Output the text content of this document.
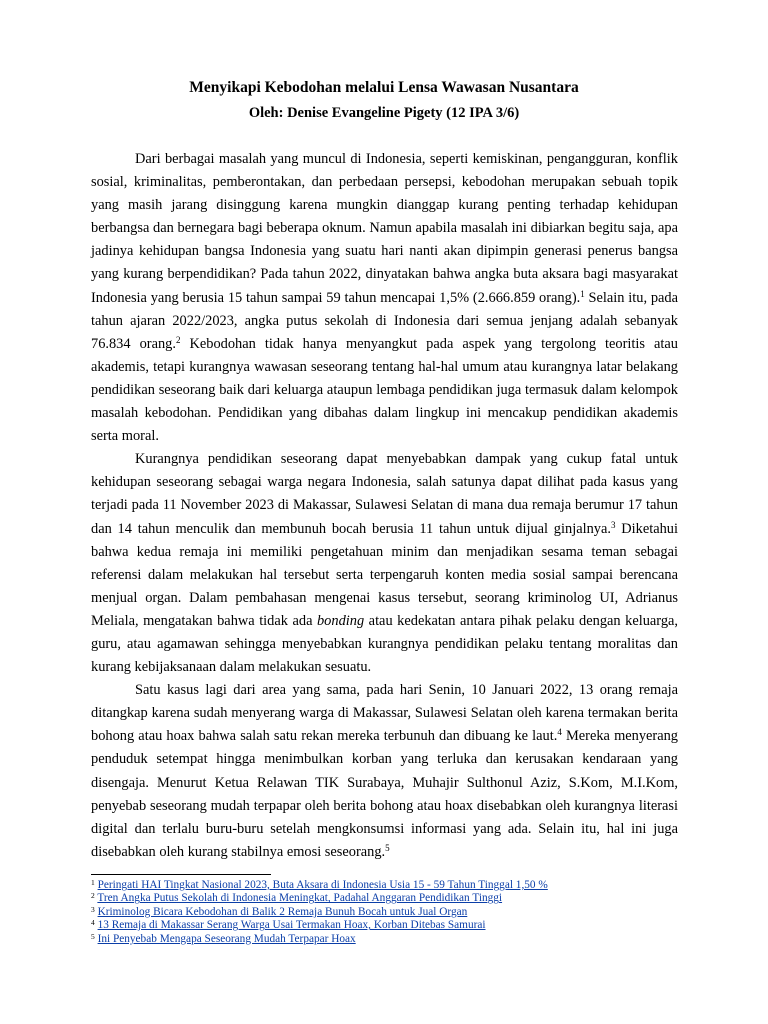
Menyikapi Kebodohan melalui Lensa Wawasan Nusantara
Oleh: Denise Evangeline Pigety (12 IPA 3/6)

Dari berbagai masalah yang muncul di Indonesia, seperti kemiskinan, pengangguran, konflik sosial, kriminalitas, pemberontakan, dan perbedaan persepsi, kebodohan merupakan sebuah topik yang masih jarang disinggung karena mungkin dianggap kurang penting terhadap kehidupan berbangsa dan bernegara bagi beberapa oknum. Namun apabila masalah ini dibiarkan begitu saja, apa jadinya kehidupan bangsa Indonesia yang suatu hari nanti akan dipimpin generasi penerus bangsa yang kurang berpendidikan? Pada tahun 2022, dinyatakan bahwa angka buta aksara bagi masyarakat Indonesia yang berusia 15 tahun sampai 59 tahun mencapai 1,5% (2.666.859 orang).$^1$ Selain itu, pada tahun ajaran 2022/2023, angka putus sekolah di Indonesia dari semua jenjang adalah sebanyak 76.834 orang.$^2$ Kebodohan tidak hanya menyangkut pada aspek yang tergolong teoritis atau akademis, tetapi kurangnya wawasan seseorang tentang hal-hal umum atau kurangnya latar belakang pendidikan seseorang baik dari keluarga ataupun lembaga pendidikan juga termasuk dalam kelompok masalah kebodohan. Pendidikan yang dibahas dalam lingkup ini mencakup pendidikan akademis serta moral.

Kurangnya pendidikan seseorang dapat menyebabkan dampak yang cukup fatal untuk kehidupan seseorang sebagai warga negara Indonesia, salah satunya dapat dilihat pada kasus yang terjadi pada 11 November 2023 di Makassar, Sulawesi Selatan di mana dua remaja berumur 17 tahun dan 14 tahun menculik dan membunuh bocah berusia 11 tahun untuk dijual ginjalnya.$^3$ Diketahui bahwa kedua remaja ini memiliki pengetahuan minim dan menjadikan sesama teman sebagai referensi dalam melakukan hal tersebut serta terpengaruh konten media sosial sampai berencana menjual organ. Dalam pembahasan mengenai kasus tersebut, seorang kriminolog UI, Adrianus Meliala, mengatakan bahwa tidak ada bonding atau kedekatan antara pihak pelaku dengan keluarga, guru, atau agamawan sehingga menyebabkan kurangnya pendidikan pelaku tentang moralitas dan kurang kebijaksanaan dalam melakukan sesuatu.

Satu kasus lagi dari area yang sama, pada hari Senin, 10 Januari 2022, 13 orang remaja ditangkap karena sudah menyerang warga di Makassar, Sulawesi Selatan oleh karena termakan berita bohong atau hoax bahwa salah satu rekan mereka terbunuh dan dibuang ke laut.$^4$ Mereka menyerang penduduk setempat hingga menimbulkan korban yang terluka dan kerusakan kendaraan yang disengaja. Menurut Ketua Relawan TIK Surabaya, Muhajir Sulthonul Aziz, S.Kom, M.I.Kom, penyebab seseorang mudah terpapar oleh berita bohong atau hoax disebabkan oleh kurangnya literasi digital dan terlalu buru-buru setelah mengkonsumsi informasi yang ada. Selain itu, hal ini juga disebabkan oleh kurang stabilnya emosi seseorang.$^5$

$^1$ Peringati HAI Tingkat Nasional 2023, Buta Aksara di Indonesia Usia 15 - 59 Tahun Tinggal 1,50 %
$^2$ Tren Angka Putus Sekolah di Indonesia Meningkat, Padahal Anggaran Pendidikan Tinggi
$^3$ Kriminolog Bicara Kebodohan di Balik 2 Remaja Bunuh Bocah untuk Jual Organ
$^4$ 13 Remaja di Makassar Serang Warga Usai Termakan Hoax, Korban Ditebas Samurai
$^5$ Ini Penyebab Mengapa Seseorang Mudah Terpapar Hoax
